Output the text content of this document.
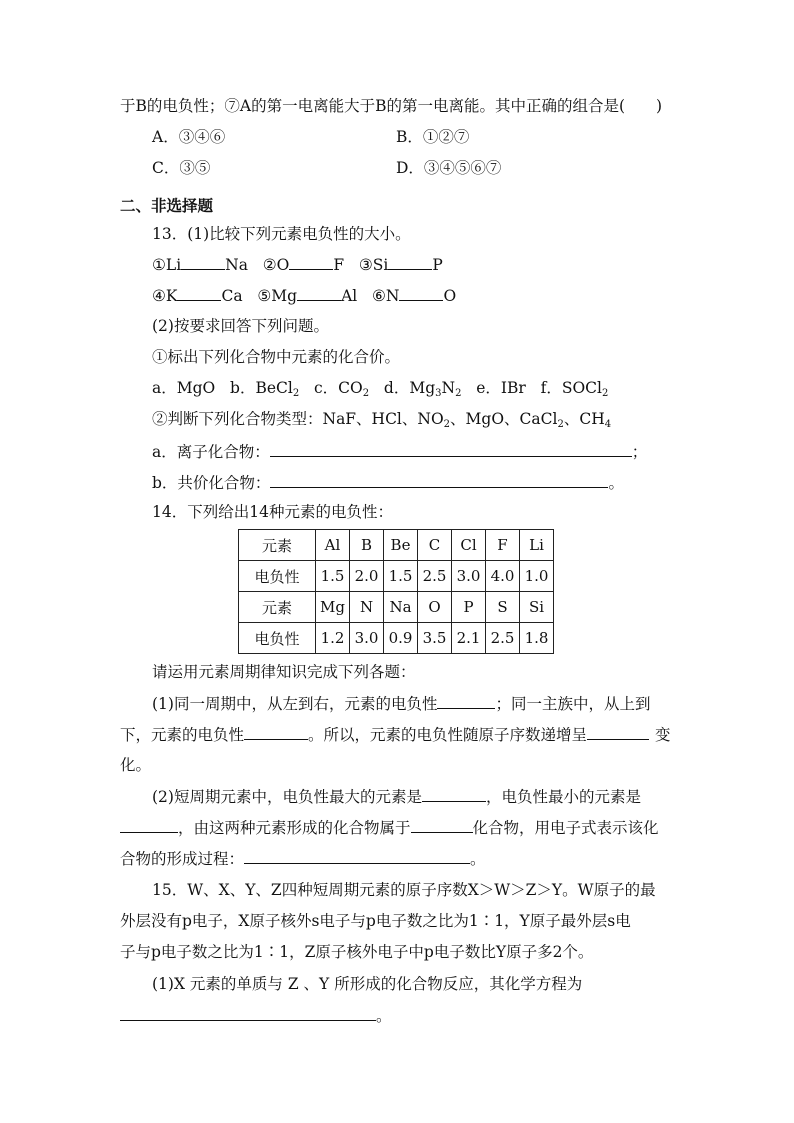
于B的电负性；⑦A的第一电离能大于B的第一电离能。其中正确的组合是(　　)
A．③④⑥	B．①②⑦
C．③⑤	D．③④⑤⑥⑦
二、非选择题
13．(1)比较下列元素电负性的大小。
①Li	Na ②O	F ③Si	P
④K	Ca ⑤Mg	Al ⑥N	O
(2)按要求回答下列问题。
①标出下列化合物中元素的化合价。
a．MgO b．BeCl$_2$ c．$CO_2$ d．$Mg_3N_2$ e．IBr f．SOCl$_2$
②判断下列化合物类型：NaF、HCl、$NO_2$、MgO、CaCl$_2$、$CH_4$
a．离子化合物：	；
b．共价化合物：	。
14．下列给出14种元素的电负性：
元素	Al	B	Be	C	Cl	F	Li
电负性	1.5	2.0	1.5	2.5	3.0	4.0	1.0
元素	Mg	N	Na	O	P	S	Si
电负性	1.2	3.0	0.9	3.5	2.1	2.5	1.8
请运用元素周期律知识完成下列各题：
(1)同一周期中，从左到右，元素的电负性	；同一主族中，从上到
下，元素的电负性	。所以，元素的电负性随原子序数递增呈	变
化。
(2)短周期元素中，电负性最大的元素是	，电负性最小的元素是
，由这两种元素形成的化合物属于	化合物，用电子式表示该化
合物的形成过程：	。
15．W、X、Y、Z四种短周期元素的原子序数X＞W＞Z＞Y。W原子的最
外层没有p电子，X原子核外s电子与p电子数之比为1∶1，Y原子最外层s电
子与p电子数之比为1∶1，Z原子核外电子中p电子数比Y原子多2个。
(1)X 元素的单质与 Z 、Y 所形成的化合物反应，其化学方程为
。
